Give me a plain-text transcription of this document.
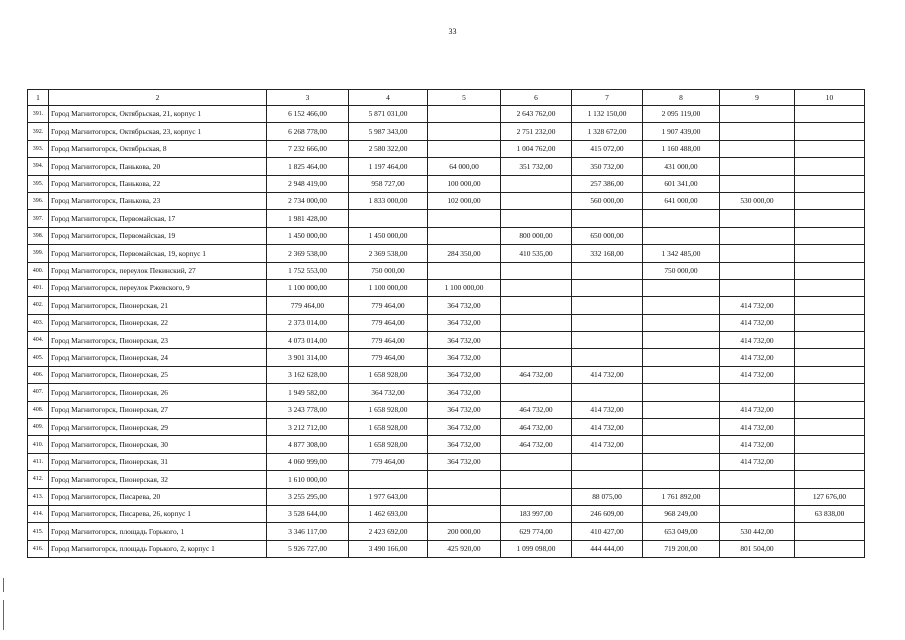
33
1	2	3	4	5	6	7	8	9	10
391.	Город Магнитогорск, Октябрьская, 21, корпус 1	6 152 466,00	5 871 031,00		2 643 762,00	1 132 150,00	2 095 119,00		
392.	Город Магнитогорск, Октябрьская, 23, корпус 1	6 268 778,00	5 987 343,00		2 751 232,00	1 328 672,00	1 907 439,00		
393.	Город Магнитогорск, Октябрьская, 8	7 232 666,00	2 580 322,00		1 004 762,00	415 072,00	1 160 488,00		
394.	Город Магнитогорск, Панькова, 20	1 825 464,00	1 197 464,00	64 000,00	351 732,00	350 732,00	431 000,00		
395.	Город Магнитогорск, Панькова, 22	2 948 419,00	958 727,00	100 000,00		257 386,00	601 341,00		
396.	Город Магнитогорск, Панькова, 23	2 734 000,00	1 833 000,00	102 000,00		560 000,00	641 000,00	530 000,00	
397.	Город Магнитогорск, Первомайская, 17	1 981 428,00							
398.	Город Магнитогорск, Первомайская, 19	1 450 000,00	1 450 000,00		800 000,00	650 000,00			
399.	Город Магнитогорск, Первомайская, 19, корпус 1	2 369 538,00	2 369 538,00	284 350,00	410 535,00	332 168,00	1 342 485,00		
400.	Город Магнитогорск, переулок Пекинский, 27	1 752 553,00	750 000,00				750 000,00		
401.	Город Магнитогорск, переулок Ржевского, 9	1 100 000,00	1 100 000,00	1 100 000,00					
402.	Город Магнитогорск, Пионерская, 21	779 464,00	779 464,00	364 732,00				414 732,00	
403.	Город Магнитогорск, Пионерская, 22	2 373 014,00	779 464,00	364 732,00				414 732,00	
404.	Город Магнитогорск, Пионерская, 23	4 073 014,00	779 464,00	364 732,00				414 732,00	
405.	Город Магнитогорск, Пионерская, 24	3 901 314,00	779 464,00	364 732,00				414 732,00	
406.	Город Магнитогорск, Пионерская, 25	3 162 628,00	1 658 928,00	364 732,00	464 732,00	414 732,00		414 732,00	
407.	Город Магнитогорск, Пионерская, 26	1 949 582,00	364 732,00	364 732,00					
408.	Город Магнитогорск, Пионерская, 27	3 243 778,00	1 658 928,00	364 732,00	464 732,00	414 732,00		414 732,00	
409.	Город Магнитогорск, Пионерская, 29	3 212 712,00	1 658 928,00	364 732,00	464 732,00	414 732,00		414 732,00	
410.	Город Магнитогорск, Пионерская, 30	4 877 308,00	1 658 928,00	364 732,00	464 732,00	414 732,00		414 732,00	
411.	Город Магнитогорск, Пионерская, 31	4 060 999,00	779 464,00	364 732,00				414 732,00	
412.	Город Магнитогорск, Пионерская, 32	1 610 000,00							
413.	Город Магнитогорск, Писарева, 20	3 255 295,00	1 977 643,00			88 075,00	1 761 892,00		127 676,00
414.	Город Магнитогорск, Писарева, 26, корпус 1	3 528 644,00	1 462 693,00		183 997,00	246 609,00	968 249,00		63 838,00
415.	Город Магнитогорск, площадь Горького, 1	3 346 117,00	2 423 692,00	200 000,00	629 774,00	410 427,00	653 049,00	530 442,00	
416.	Город Магнитогорск, площадь Горького, 2, корпус 1	5 926 727,00	3 490 166,00	425 920,00	1 099 098,00	444 444,00	719 200,00	801 504,00	
